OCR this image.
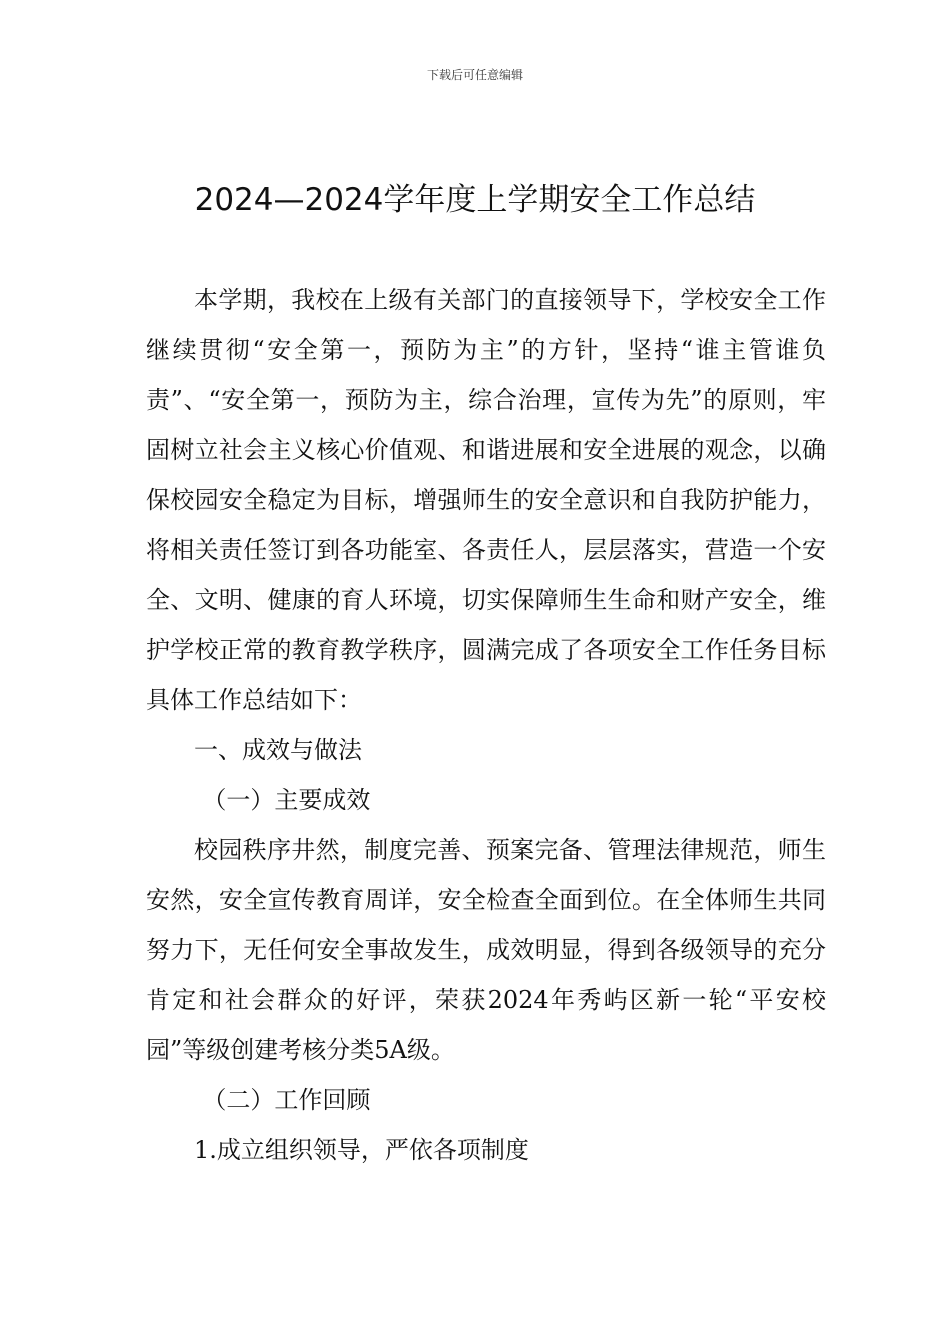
下载后可任意编辑
2024—2024学年度上学期安全工作总结

本学期，我校在上级有关部门的直接领导下，学校安全工作继续贯彻“安全第一，预防为主”的方针，坚持“谁主管谁负责”、“安全第一，预防为主，综合治理，宣传为先”的原则，牢固树立社会主义核心价值观、和谐进展和安全进展的观念，以确保校园安全稳定为目标，增强师生的安全意识和自我防护能力，将相关责任签订到各功能室、各责任人，层层落实，营造一个安全、文明、健康的育人环境，切实保障师生生命和财产安全，维护学校正常的教育教学秩序，圆满完成了各项安全工作任务目标具体工作总结如下：

一、成效与做法

（一）主要成效

校园秩序井然，制度完善、预案完备、管理法律规范，师生安然，安全宣传教育周详，安全检查全面到位。在全体师生共同努力下，无任何安全事故发生，成效明显，得到各级领导的充分肯定和社会群众的好评，荣获2024年秀屿区新一轮“平安校园”等级创建考核分类5A级。

（二）工作回顾

1.成立组织领导，严依各项制度
